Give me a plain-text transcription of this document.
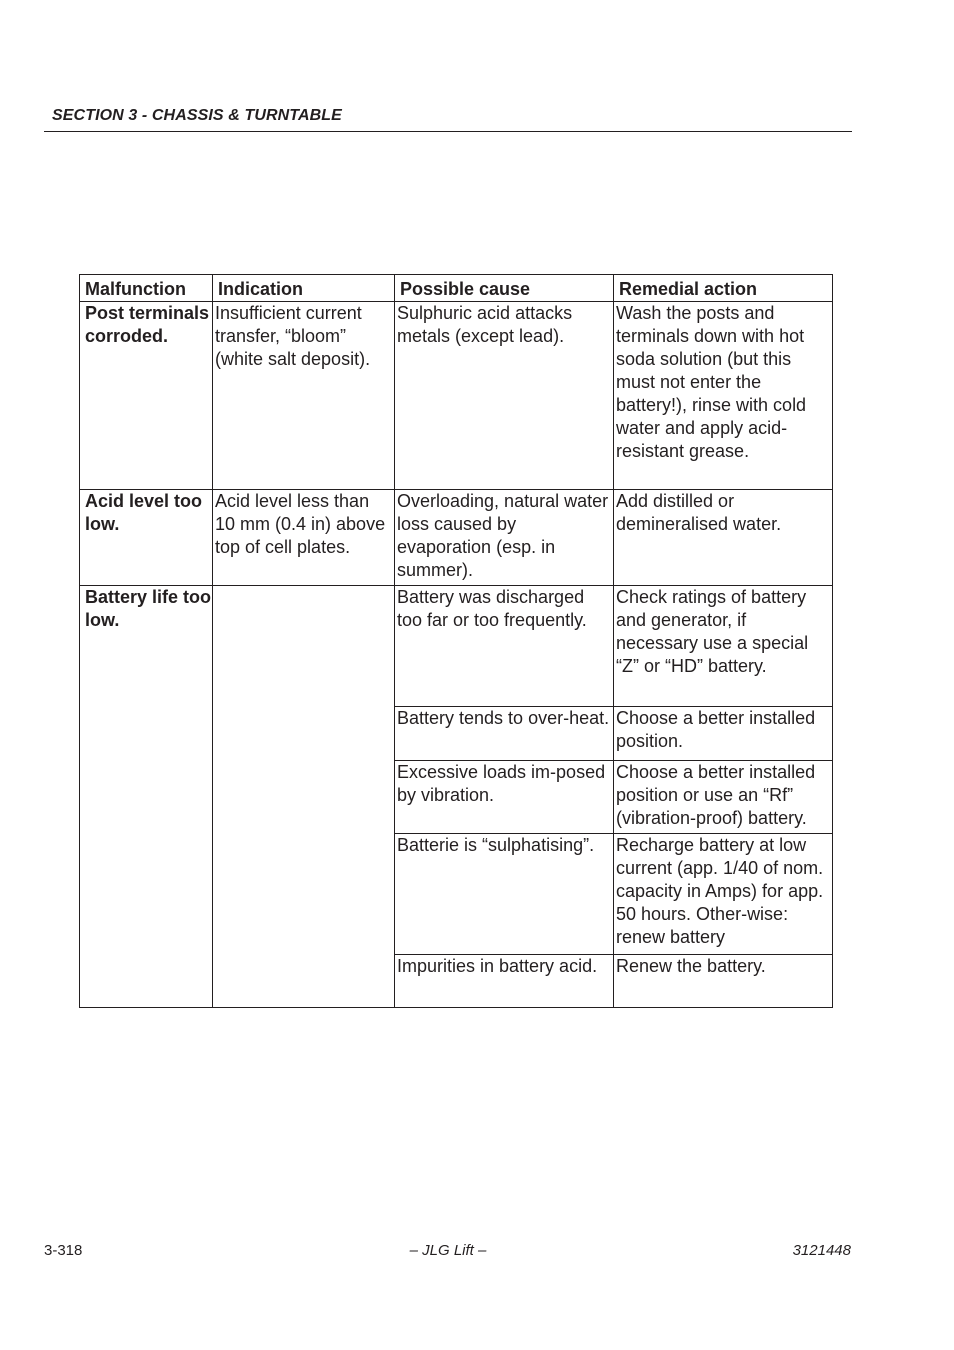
SECTION 3 - CHASSIS & TURNTABLE
Malfunction	Indication	Possible cause	Remedial action
Post terminals corroded.	Insufficient current transfer, “bloom” (white salt deposit).	Sulphuric acid attacks metals (except lead).	Wash the posts and terminals down with hot soda solution (but this must not enter the battery!), rinse with cold water and apply acid-resistant grease.
Acid level too low.	Acid level less than 10 mm (0.4 in) above top of cell plates.	Overloading, natural water loss caused by evaporation (esp. in summer).	Add distilled or demineralised water.
Battery life too low.		Battery was discharged too far or too frequently.	Check ratings of battery and generator, if necessary use a special “Z” or “HD” battery.
		Battery tends to over-heat.	Choose a better installed position.
		Excessive loads im-posed by vibration.	Choose a better installed position or use an “Rf” (vibration-proof) battery.
		Batterie is “sulphatising”.	Recharge battery at low current (app. 1/40 of nom. capacity in Amps) for app. 50 hours. Other-wise: renew battery
		Impurities in battery acid.	Renew the battery.
3-318	– JLG Lift –	3121448
